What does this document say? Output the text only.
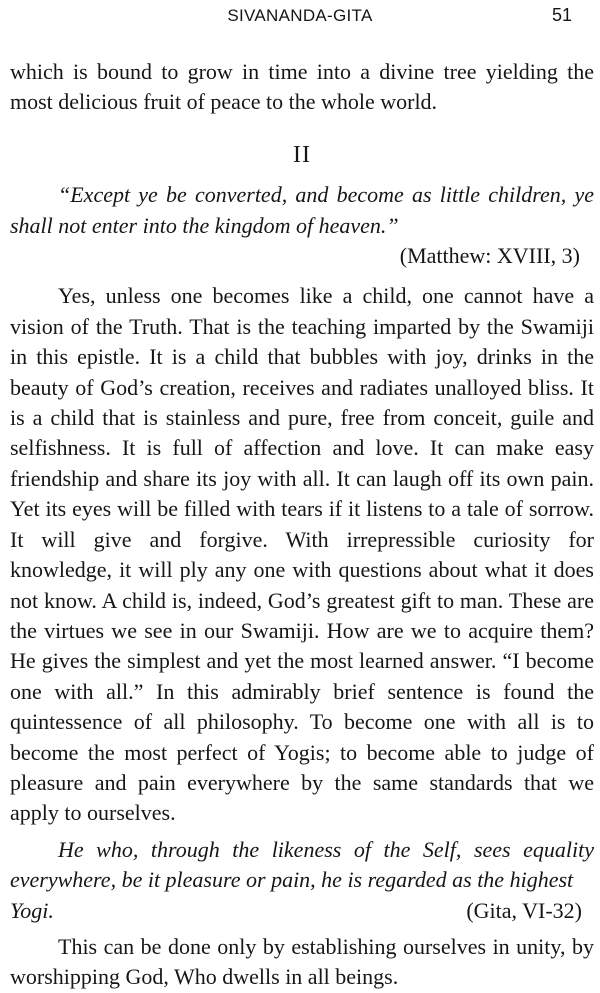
SIVANANDA-GITA	51

which is bound to grow in time into a divine tree yielding the most delicious fruit of peace to the whole world.

II

“Except ye be converted, and become as little children, ye shall not enter into the kingdom of heaven.”

(Matthew: XVIII, 3)

Yes, unless one becomes like a child, one cannot have a vision of the Truth. That is the teaching imparted by the Swamiji in this epistle. It is a child that bubbles with joy, drinks in the beauty of God’s creation, receives and radiates unalloyed bliss. It is a child that is stainless and pure, free from conceit, guile and selfishness. It is full of affection and love. It can make easy friendship and share its joy with all. It can laugh off its own pain. Yet its eyes will be filled with tears if it listens to a tale of sorrow. It will give and forgive. With irrepressible curiosity for knowledge, it will ply any one with questions about what it does not know. A child is, indeed, God’s greatest gift to man. These are the virtues we see in our Swamiji. How are we to acquire them? He gives the simplest and yet the most learned answer. “I become one with all.” In this admirably brief sentence is found the quintessence of all philosophy. To become one with all is to become the most perfect of Yogis; to become able to judge of pleasure and pain everywhere by the same standards that we apply to ourselves.

He who, through the likeness of the Self, sees equality everywhere, be it pleasure or pain, he is regarded as the highest

Yogi.	(Gita, VI-32)

This can be done only by establishing ourselves in unity, by worshipping God, Who dwells in all beings.
